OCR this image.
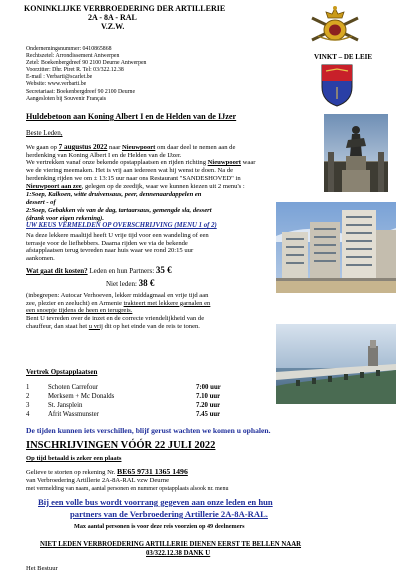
KONINKLIJKE VERBROEDERING DER ARTILLERIE
2A - 8A - RAL
V.Z.W.
VINKT – DE LEIE
Ondernemingsnummer: 0410865868
Rechtszetel: Arrondissement Antwerpen
Zetel: Boekenbergdreef 90 2100 Deurne Antwerpen
Voorzitter: Dhr. Piret R. Tel: 03/322.12.38
E-mail : Verbarti@scarlet.be
Website: www.verbarti.be
Secretariaat: Boekenbergdreef 90 2100 Deurne
Aangesloten bij Souvenir Français
Huldebetoon aan Koning Albert I en de Helden van de IJzer
Beste Leden,
We gaan op 7 augustus 2022 naar Nieuwpoort om daar deel te nemen aan de
herdenking van Koning Albert I en de Helden van de IJzer.
We vertrekken vanaf onze bekende opstapplaatsen en rijden richting Nieuwpoort waar
we de viering meemaken. Het is vrij aan iedereen wat hij wenst te doen. Na de
herdenking rijden we om ± 13:15 uur naar ons Restaurant "SANDESHOVED" in
Nieuwpoort aan zee, gelegen op de zeedijk, waar we kunnen kiezen uit 2 menu's :
1:Soep, Kalkoen, witte druivensaus, peer, dennenaardappelen en
dessert - of
2:Soep, Gebakken vis van de dag, tartaarsaus, gemengde sla, dessert
(drank voor eigen rekening).
UW KEUS VERMELDEN OP OVERSCHRIJVING (MENU 1 of 2)
Na deze lekkere maaltijd heeft U vrije tijd voor een wandeling of een
terrasje voor de liefhebbers. Daarna rijden we via de bekende
afstapplaatsen terug tevreden naar huis waar we rond 20:15 uur
aankomen.
Wat gaat dit kosten? Leden en hun Partners: 35 €
Niet leden: 38 €
(inbegrepen: Autocar Verhoeven, lekker middagmaal en vrije tijd aan
zee, plezier en zeelucht) en Armenie trakteert met lekkere garnalen en
een snoepje tijdens de heen en terugreis.
Bent U tevreden over de inzet en de correcte vriendelijkheid van de
chauffeur, dan staat het u vrij dit op het einde van de reis te tonen.
Vertrek Opstapplaatsen
1	Schoten Carrefour	7:00 uur
2	Merksem + Mc Donalds	7.10 uur
3	St. Jansplein	7.20 uur
4	Afrit Wassmunster	7.45 uur
De tijden kunnen iets verschillen, blijf gerust wachten we komen u ophalen.
INSCHRIJVINGEN VÓÓR 22 JULI 2022
Op tijd betaald is zeker een plaats
Gelieve te storten op rekening Nr. BE65 9731 1365 1496
van Verbroedering Artillerie 2A-8A-RAL vzw Deurne
met vermelding van naam, aantal personen en nummer opstapplaats alsook nr. menu
Bij een volle bus wordt voorrang gegeven aan onze leden en hun
partners van de Verbroedering Artillerie 2A-8A-RAL.
Max aantal personen is voor deze reis voorzien op 49 deelnemers
NIET LEDEN VERBROEDERING ARTILLERIE DIENEN EERST TE BELLEN NAAR
03/322.12.38 DANK U
Het Bestuur
